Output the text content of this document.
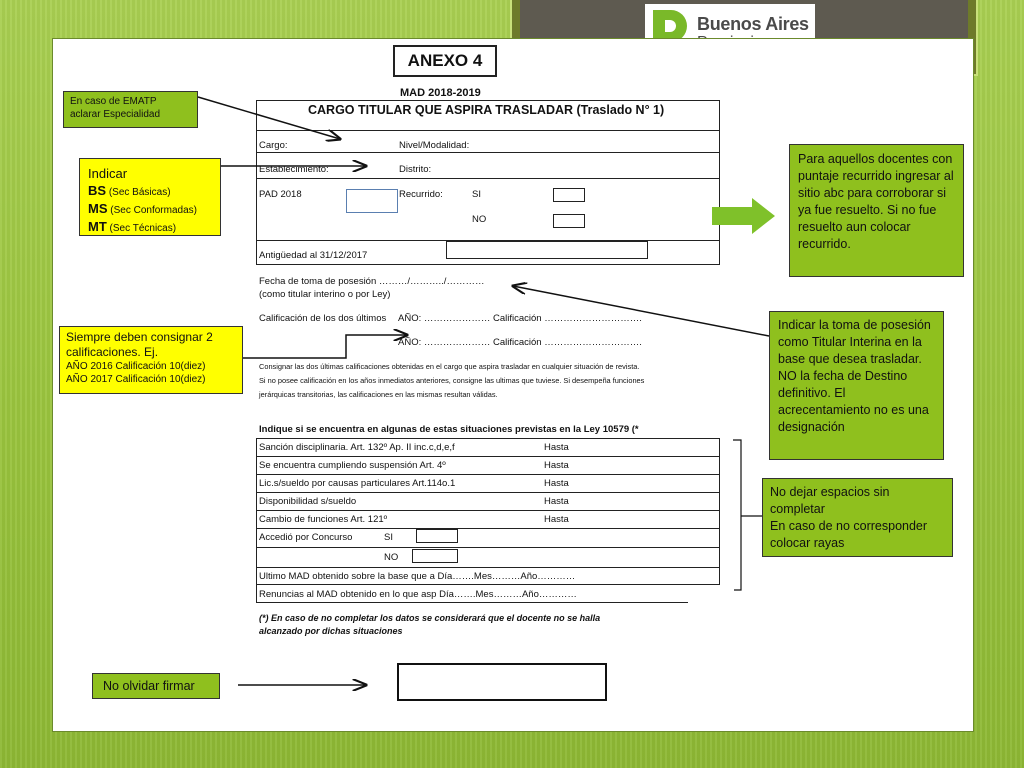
Buenos Aires
ANEXO 4
MAD 2018-2019
CARGO TITULAR QUE ASPIRA TRASLADAR (Traslado N° 1)
Cargo:	Nivel/Modalidad:
Establecimiento:	Distrito:
PAD 2018	Recurrido:	SI
NO
Antigüedad al 31/12/2017
Fecha de toma de posesión ………/………../…………
(como titular interino o por Ley)
Calificación de los dos últimos AÑO: ………………… Calificación ………………………….
AÑO: ………………… Calificación ………………………….
Consignar las dos últimas calificaciones obtenidas en el cargo que aspira trasladar en cualquier situación de revista.
Si no posee calificación en los años inmediatos anteriores, consigne las ultimas que tuviese. Si desempeña funciones
jerárquicas transitorias, las calificaciones en las mismas resultan válidas.
Indique si se encuentra en algunas de estas situaciones previstas en la Ley 10579 (*
Sanción disciplinaria. Art. 132º Ap. II inc.c,d,e,f	Hasta
Se encuentra cumpliendo suspensión Art. 4º	Hasta
Lic.s/sueldo por causas particulares Art.114o.1	Hasta
Disponibilidad s/sueldo	Hasta
Cambio de funciones Art. 121º	Hasta
Accedió por Concurso	SI
NO
Ultimo MAD obtenido sobre la base que a Día…….Mes………Año…………
Renuncias al MAD obtenido en lo que asp Día…….Mes………Año…………
(*) En caso de no completar los datos se considerará que el docente no se halla
alcanzado por dichas situaciones
En caso de EMATP
aclarar Especialidad
Indicar
BS (Sec Básicas)
MS (Sec Conformadas)
MT (Sec Técnicas)
Siempre deben consignar 2 calificaciones. Ej.
AÑO 2016 Calificación 10(diez)
AÑO 2017 Calificación 10(diez)
Para aquellos docentes con puntaje recurrido ingresar al sitio abc para corroborar si ya fue resuelto. Si no fue resuelto aun colocar recurrido.
Indicar la toma de posesión como Titular Interina en la base que desea trasladar. NO la fecha de Destino definitivo. El acrecentamiento no es una designación
No dejar espacios sin completar
En caso de no corresponder colocar rayas
No olvidar firmar
